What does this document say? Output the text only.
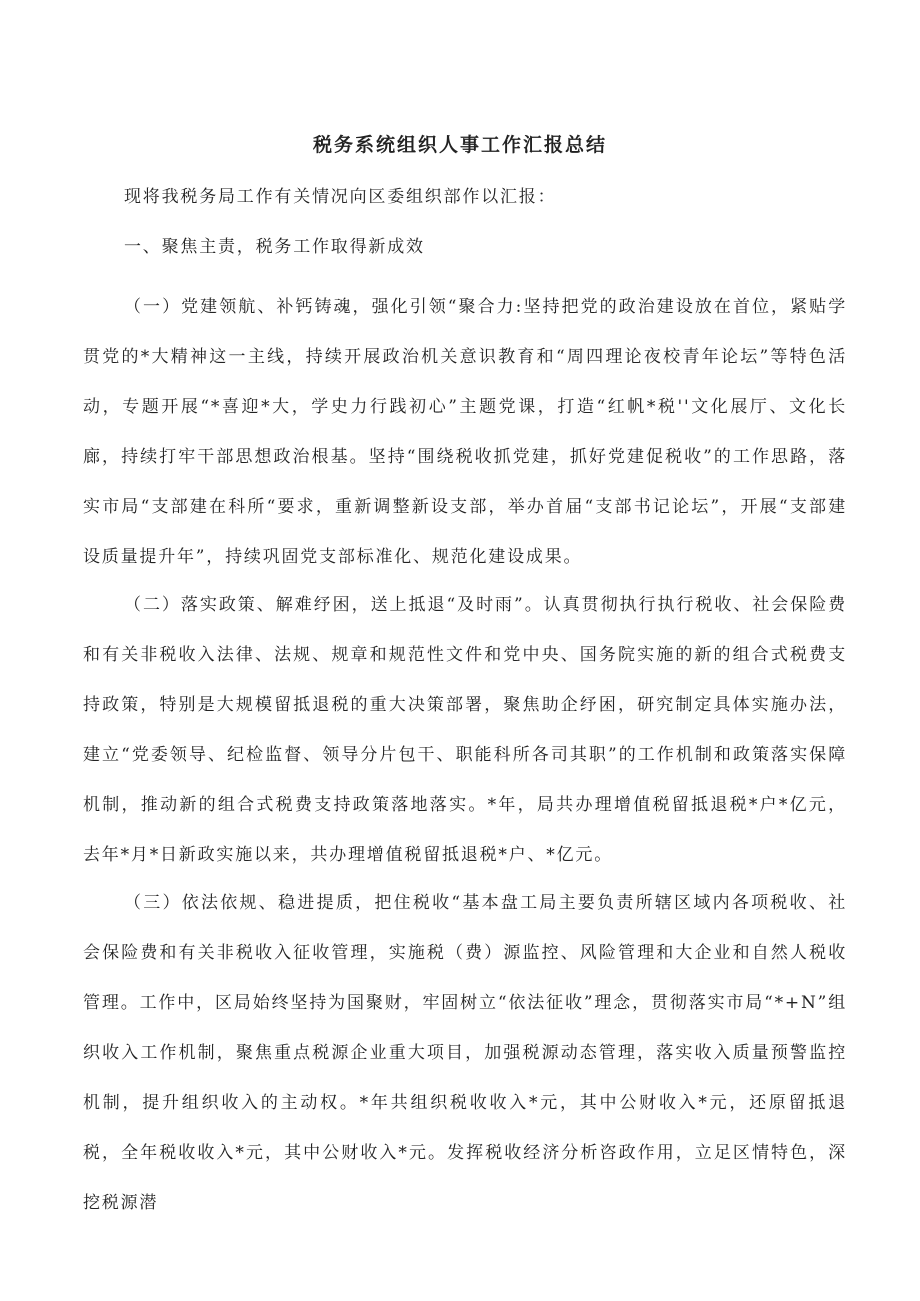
税务系统组织人事工作汇报总结

现将我税务局工作有关情况向区委组织部作以汇报：

一、聚焦主责，税务工作取得新成效

（一）党建领航、补钙铸魂，强化引领“聚合力:坚持把党的政治建设放在首位，紧贴学贯党的*大精神这一主线，持续开展政治机关意识教育和“周四理论夜校青年论坛”等特色活动，专题开展“*喜迎*大，学史力行践初心”主题党课，打造“红帆*税''文化展厅、文化长廊，持续打牢干部思想政治根基。坚持“围绕税收抓党建，抓好党建促税收”的工作思路，落实市局“支部建在科所“要求，重新调整新设支部，举办首届“支部书记论坛”，开展“支部建设质量提升年”，持续巩固党支部标准化、规范化建设成果。

（二）落实政策、解难纾困，送上抵退“及时雨”。认真贯彻执行执行税收、社会保险费和有关非税收入法律、法规、规章和规范性文件和党中央、国务院实施的新的组合式税费支持政策，特别是大规模留抵退税的重大决策部署，聚焦助企纾困，研究制定具体实施办法，建立“党委领导、纪检监督、领导分片包干、职能科所各司其职”的工作机制和政策落实保障机制，推动新的组合式税费支持政策落地落实。*年，局共办理增值税留抵退税*户*亿元，去年*月*日新政实施以来，共办理增值税留抵退税*户、*亿元。

（三）依法依规、稳进提质，把住税收“基本盘工局主要负责所辖区域内各项税收、社会保险费和有关非税收入征收管理，实施税（费）源监控、风险管理和大企业和自然人税收管理。工作中，区局始终坚持为国聚财，牢固树立“依法征收”理念，贯彻落实市局“*+N”组织收入工作机制，聚焦重点税源企业重大项目，加强税源动态管理，落实收入质量预警监控机制，提升组织收入的主动权。*年共组织税收收入*元，其中公财收入*元，还原留抵退税，全年税收收入*元，其中公财收入*元。发挥税收经济分析咨政作用，立足区情特色，深挖税源潜
